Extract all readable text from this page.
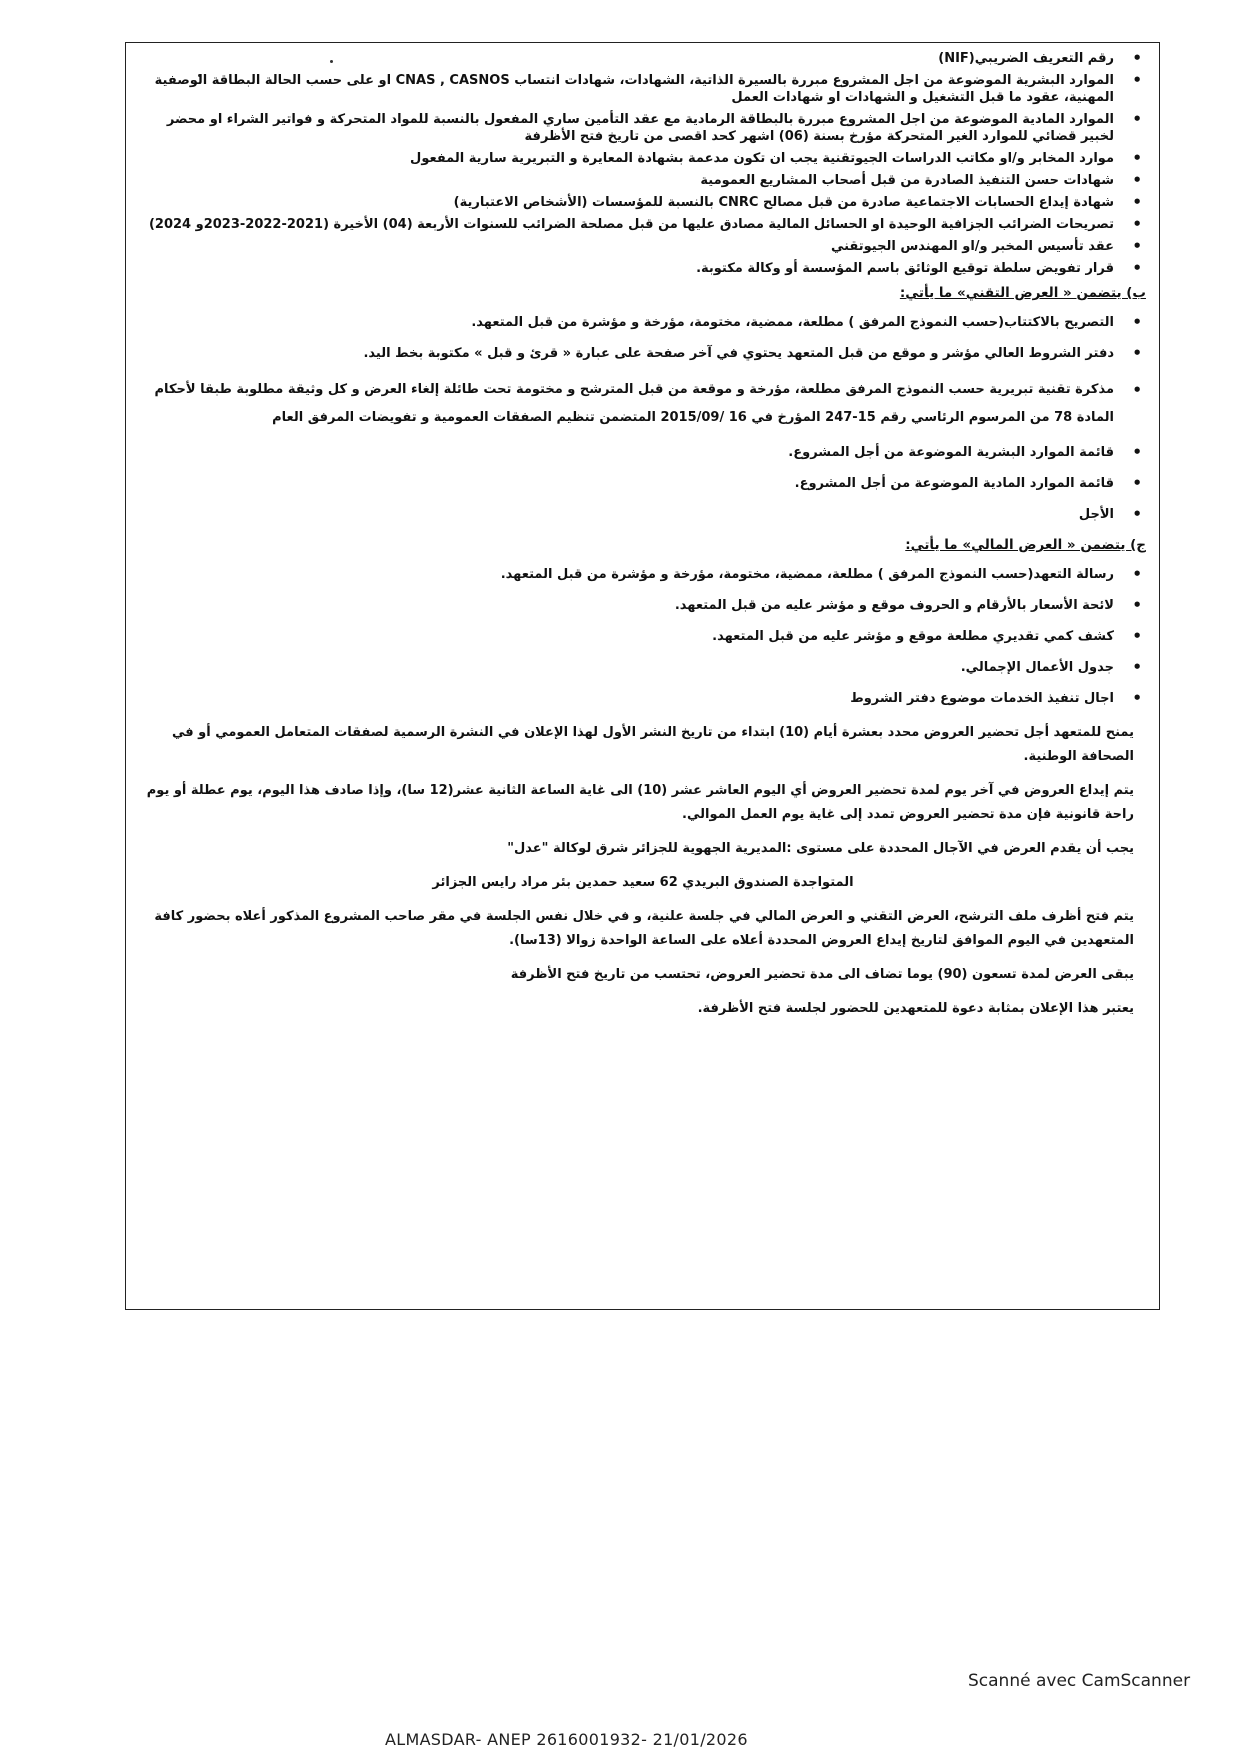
• رقم التعريف الضريبي(NIF)
• الموارد البشرية الموضوعة من اجل المشروع مبررة بالسيرة الذاتية، الشهادات، شهادات انتساب CNAS , CASNOS او على حسب الحالة البطاقة الوصفية المهنية، عقود ما قبل التشغيل و الشهادات او شهادات العمل
• الموارد المادية الموضوعة من اجل المشروع مبررة بالبطاقة الرمادية مع عقد التأمين ساري المفعول بالنسبة للمواد المتحركة و فواتير الشراء او محضر لخبير قضائي للموارد الغير المتحركة مؤرخ بسنة (06) اشهر كحد اقصى من تاريخ فتح الأظرفة
• موارد المخابر و/او مكاتب الدراسات الجيوتقنية يجب ان تكون مدعمة بشهادة المعايرة و التبريرية سارية المفعول
• شهادات حسن التنفيذ الصادرة من قبل أصحاب المشاريع العمومية
• شهادة إيداع الحسابات الاجتماعية صادرة من قبل مصالح CNRC بالنسبة للمؤسسات (الأشخاص الاعتبارية)
• تصريحات الضرائب الجزافية الوحيدة او الحسائل المالية مصادق عليها من قبل مصلحة الضرائب للسنوات الأربعة (04) الأخيرة (2021-2022-2023و 2024)
• عقد تأسيس المخبر و/او المهندس الجيوتقني
• قرار تفويض سلطة توقيع الوثائق باسم المؤسسة أو وكالة مكتوبة.
ب) يتضمن « العرض التقني» ما يأتي:
• التصريح بالاكتتاب(حسب النموذج المرفق ) مطلعة، ممضية، مختومة، مؤرخة و مؤشرة من قبل المتعهد.
• دفتر الشروط العالي مؤشر و موقع من قبل المتعهد يحتوي في آخر صفحة على عبارة « قرئ و قبل » مكتوبة بخط اليد.
• مذكرة تقنية تبريرية حسب النموذج المرفق مطلعة، مؤرخة و موقعة من قبل المترشح و مختومة تحت طائلة إلغاء العرض و كل وثيقة مطلوبة طبقا لأحكام المادة 78 من المرسوم الرئاسي رقم 15-247 المؤرخ في 16 /2015/09 المتضمن تنظيم الصفقات العمومية و تفويضات المرفق العام
• قائمة الموارد البشرية الموضوعة من أجل المشروع.
• قائمة الموارد المادية الموضوعة من أجل المشروع.
• الأجل
ج) يتضمن « العرض المالي» ما يأتي:
• رسالة التعهد(حسب النموذج المرفق ) مطلعة، ممضية، مختومة، مؤرخة و مؤشرة من قبل المتعهد.
• لائحة الأسعار بالأرقام و الحروف موقع و مؤشر عليه من قبل المتعهد.
• كشف كمي تقديري مطلعة موقع و مؤشر عليه من قبل المتعهد.
• جدول الأعمال الإجمالي.
• اجال تنفيذ الخدمات موضوع دفتر الشروط

يمنح للمتعهد أجل تحضير العروض محدد بعشرة أيام (10) ابتداء من تاريخ النشر الأول لهذا الإعلان في النشرة الرسمية لصفقات المتعامل العمومي أو في الصحافة الوطنية.

يتم إيداع العروض في آخر يوم لمدة تحضير العروض أي اليوم العاشر عشر (10) الى غاية الساعة الثانية عشر(12 سا)، وإذا صادف هذا اليوم، يوم عطلة أو يوم راحة قانونية فإن مدة تحضير العروض تمدد إلى غاية يوم العمل الموالي.

يجب أن يقدم العرض في الآجال المحددة على مستوى :المديرية الجهوية للجزائر شرق لوكالة "عدل"

المتواجدة الصندوق البريدي 62 سعيد حمدين بئر مراد رايس الجزائر

يتم فتح أظرف ملف الترشح، العرض التقني و العرض المالي في جلسة علنية، و في خلال نفس الجلسة في مقر صاحب المشروع المذكور أعلاه بحضور كافة المتعهدين في اليوم الموافق لتاريخ إيداع العروض المحددة أعلاه على الساعة الواحدة زوالا (13سا).

يبقى العرض لمدة تسعون (90) يوما تضاف الى مدة تحضير العروض، تحتسب من تاريخ فتح الأظرفة

يعتبر هذا الإعلان بمثابة دعوة للمتعهدين للحضور لجلسة فتح الأظرفة.

Scanné avec CamScanner
ALMASDAR- ANEP 2616001932- 21/01/2026
